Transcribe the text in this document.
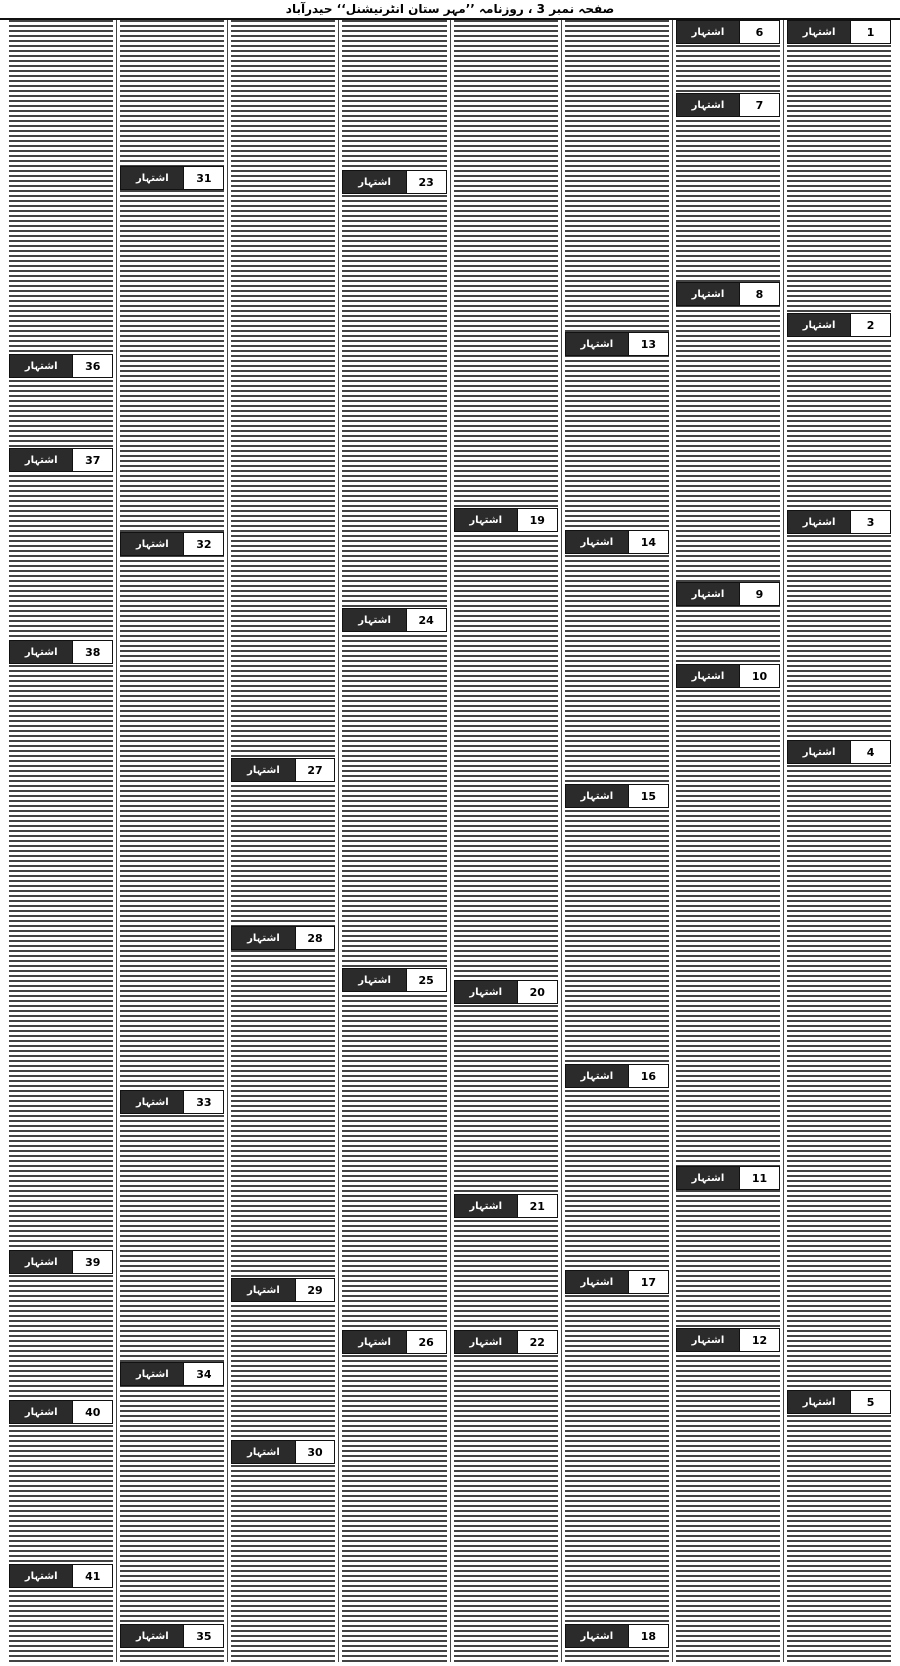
صفحہ نمبر 3 ، روزنامہ ’’مہر ستان انٹرنیشنل‘‘ حیدرآباد
1
اشتہار
2
اشتہار
3
اشتہار
4
اشتہار
5
اشتہار
6
اشتہار
7
اشتہار
8
اشتہار
9
اشتہار
10
اشتہار
11
اشتہار
12
اشتہار
13
اشتہار
14
اشتہار
15
اشتہار
16
اشتہار
17
اشتہار
18
اشتہار
19
اشتہار
20
اشتہار
21
اشتہار
22
اشتہار
23
اشتہار
24
اشتہار
25
اشتہار
26
اشتہار
27
اشتہار
28
اشتہار
29
اشتہار
30
اشتہار
31
اشتہار
32
اشتہار
33
اشتہار
34
اشتہار
35
اشتہار
36
اشتہار
37
اشتہار
38
اشتہار
39
اشتہار
40
اشتہار
41
اشتہار
